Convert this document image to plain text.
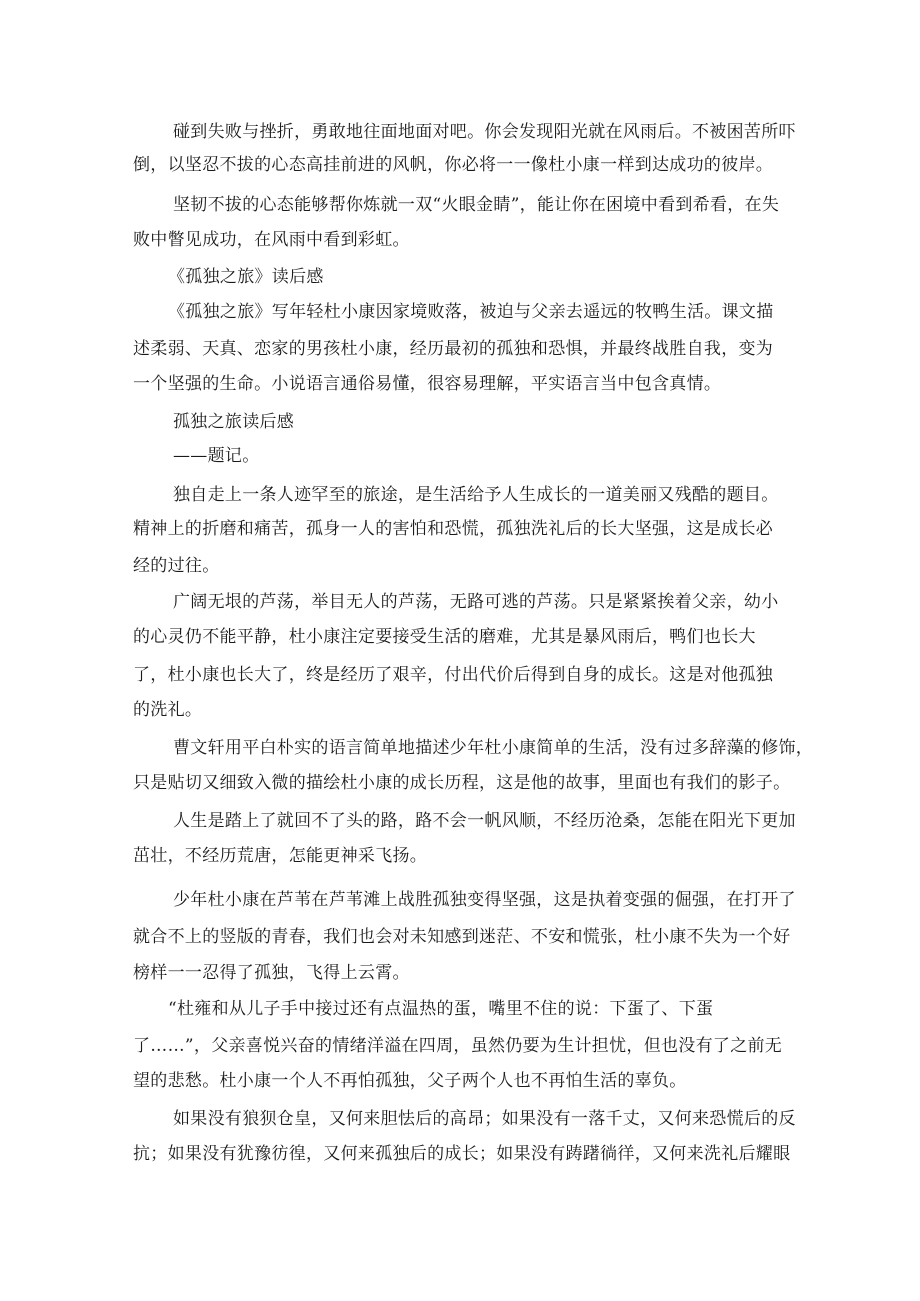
碰到失败与挫折，勇敢地往面地面对吧。你会发现阳光就在风雨后。不被困苦所吓
倒，以坚忍不拔的心态高挂前进的风帆，你必将一一像杜小康一样到达成功的彼岸。
坚韧不拔的心态能够帮你炼就一双“火眼金睛”，能让你在困境中看到希看，在失
败中瞥见成功，在风雨中看到彩虹。
《孤独之旅》读后感
《孤独之旅》写年轻杜小康因家境败落，被迫与父亲去遥远的牧鸭生活。课文描
述柔弱、天真、恋家的男孩杜小康，经历最初的孤独和恐惧，并最终战胜自我，变为
一个坚强的生命。小说语言通俗易懂，很容易理解，平实语言当中包含真情。
孤独之旅读后感
——题记。
独自走上一条人迹罕至的旅途，是生活给予人生成长的一道美丽又残酷的题目。
精神上的折磨和痛苦，孤身一人的害怕和恐慌，孤独洗礼后的长大坚强，这是成长必
经的过往。
广阔无垠的芦荡，举目无人的芦荡，无路可逃的芦荡。只是紧紧挨着父亲，幼小
的心灵仍不能平静，杜小康注定要接受生活的磨难，尤其是暴风雨后，鸭们也长大
了，杜小康也长大了，终是经历了艰辛，付出代价后得到自身的成长。这是对他孤独
的洗礼。
曹文轩用平白朴实的语言简单地描述少年杜小康简单的生活，没有过多辞藻的修饰，
只是贴切又细致入微的描绘杜小康的成长历程，这是他的故事，里面也有我们的影子。
人生是踏上了就回不了头的路，路不会一帆风顺，不经历沧桑，怎能在阳光下更加
茁壮，不经历荒唐，怎能更神采飞扬。
少年杜小康在芦苇在芦苇滩上战胜孤独变得坚强，这是执着变强的倔强，在打开了
就合不上的竖版的青春，我们也会对未知感到迷茫、不安和慌张，杜小康不失为一个好
榜样一一忍得了孤独，飞得上云霄。
“杜雍和从儿子手中接过还有点温热的蛋，嘴里不住的说：下蛋了、下蛋
了……”，父亲喜悦兴奋的情绪洋溢在四周，虽然仍要为生计担忧，但也没有了之前无
望的悲愁。杜小康一个人不再怕孤独，父子两个人也不再怕生活的辜负。
如果没有狼狈仓皇，又何来胆怯后的高昂；如果没有一落千丈，又何来恐慌后的反
抗；如果没有犹豫彷徨，又何来孤独后的成长；如果没有踌躇徜徉，又何来洗礼后耀眼
